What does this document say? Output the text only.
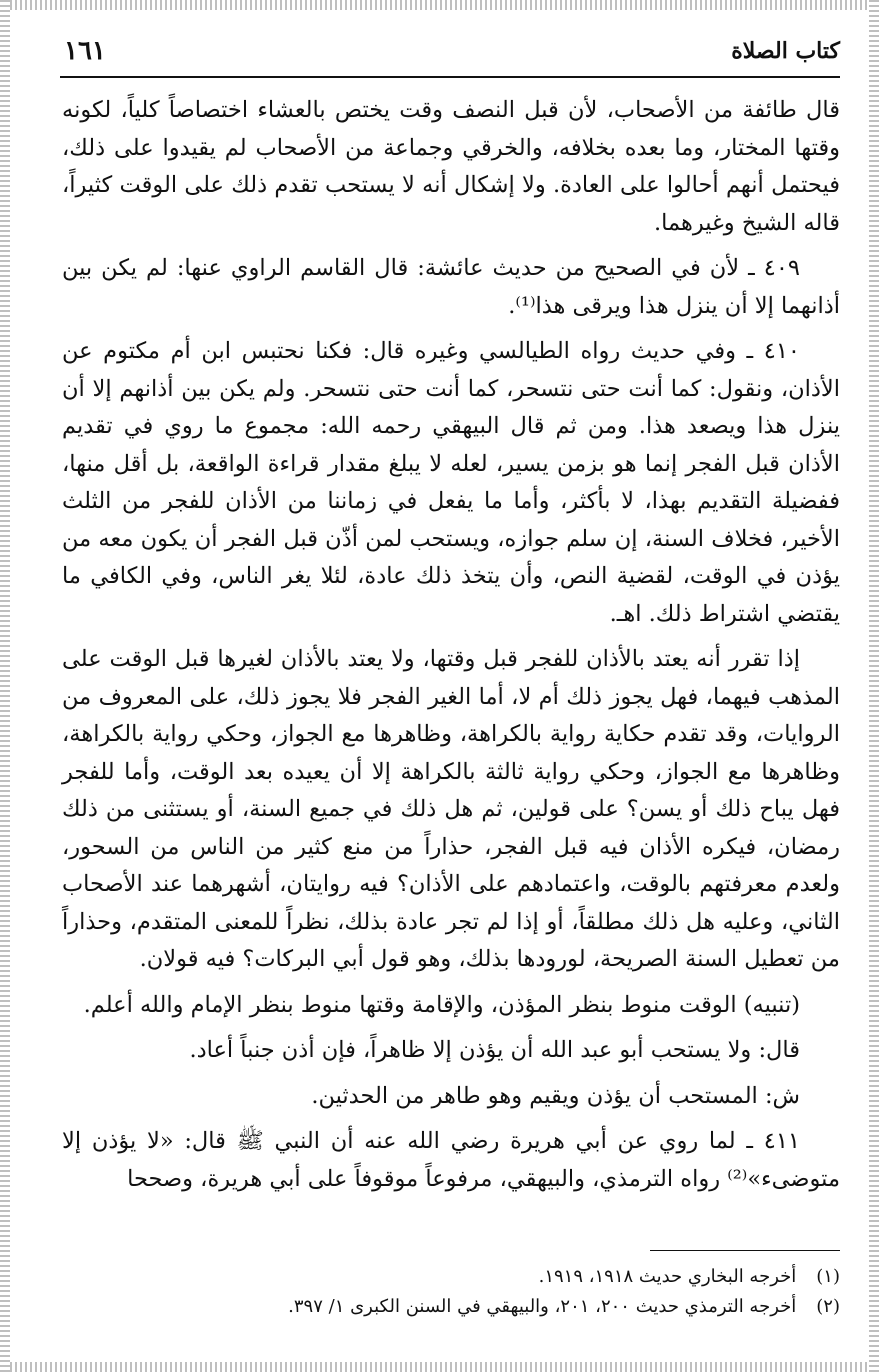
١٦١	كتاب الصلاة

قال طائفة من الأصحاب، لأن قبل النصف وقت يختص بالعشاء اختصاصاً كلياً، لكونه وقتها المختار، وما بعده بخلافه، والخرقي وجماعة من الأصحاب لم يقيدوا على ذلك، فيحتمل أنهم أحالوا على العادة. ولا إشكال أنه لا يستحب تقدم ذلك على الوقت كثيراً، قاله الشيخ وغيرهما.

٤٠٩ ـ لأن في الصحيح من حديث عائشة: قال القاسم الراوي عنها: لم يكن بين أذانهما إلا أن ينزل هذا ويرقى هذا⁽¹⁾.

٤١٠ ـ وفي حديث رواه الطيالسي وغيره قال: فكنا نحتبس ابن أم مكتوم عن الأذان، ونقول: كما أنت حتى نتسحر، كما أنت حتى نتسحر. ولم يكن بين أذانهم إلا أن ينزل هذا ويصعد هذا. ومن ثم قال البيهقي رحمه الله: مجموع ما روي في تقديم الأذان قبل الفجر إنما هو بزمن يسير، لعله لا يبلغ مقدار قراءة الواقعة، بل أقل منها، ففضيلة التقديم بهذا، لا بأكثر، وأما ما يفعل في زماننا من الأذان للفجر من الثلث الأخير، فخلاف السنة، إن سلم جوازه، ويستحب لمن أذّن قبل الفجر أن يكون معه من يؤذن في الوقت، لقضية النص، وأن يتخذ ذلك عادة، لئلا يغر الناس، وفي الكافي ما يقتضي اشتراط ذلك. اهـ.

إذا تقرر أنه يعتد بالأذان للفجر قبل وقتها، ولا يعتد بالأذان لغيرها قبل الوقت على المذهب فيهما، فهل يجوز ذلك أم لا، أما الغير الفجر فلا يجوز ذلك، على المعروف من الروايات، وقد تقدم حكاية رواية بالكراهة، وظاهرها مع الجواز، وحكي رواية بالكراهة، وظاهرها مع الجواز، وحكي رواية ثالثة بالكراهة إلا أن يعيده بعد الوقت، وأما للفجر فهل يباح ذلك أو يسن؟ على قولين، ثم هل ذلك في جميع السنة، أو يستثنى من ذلك رمضان، فيكره الأذان فيه قبل الفجر، حذاراً من منع كثير من الناس من السحور، ولعدم معرفتهم بالوقت، واعتمادهم على الأذان؟ فيه روايتان، أشهرهما عند الأصحاب الثاني، وعليه هل ذلك مطلقاً، أو إذا لم تجر عادة بذلك، نظراً للمعنى المتقدم، وحذاراً من تعطيل السنة الصريحة، لورودها بذلك، وهو قول أبي البركات؟ فيه قولان.

(تنبيه) الوقت منوط بنظر المؤذن، والإقامة وقتها منوط بنظر الإمام والله أعلم.

قال: ولا يستحب أبو عبد الله أن يؤذن إلا ظاهراً، فإن أذن جنباً أعاد.

ش: المستحب أن يؤذن ويقيم وهو طاهر من الحدثين.

٤١١ ـ لما روي عن أبي هريرة رضي الله عنه أن النبي ﷺ قال: «لا يؤذن إلا متوضىء»⁽²⁾ رواه الترمذي، والبيهقي، مرفوعاً موقوفاً على أبي هريرة، وصححا

(١) أخرجه البخاري حديث ١٩١٨، ١٩١٩.

(٢) أخرجه الترمذي حديث ٢٠٠، ٢٠١، والبيهقي في السنن الكبرى ١/ ٣٩٧.
